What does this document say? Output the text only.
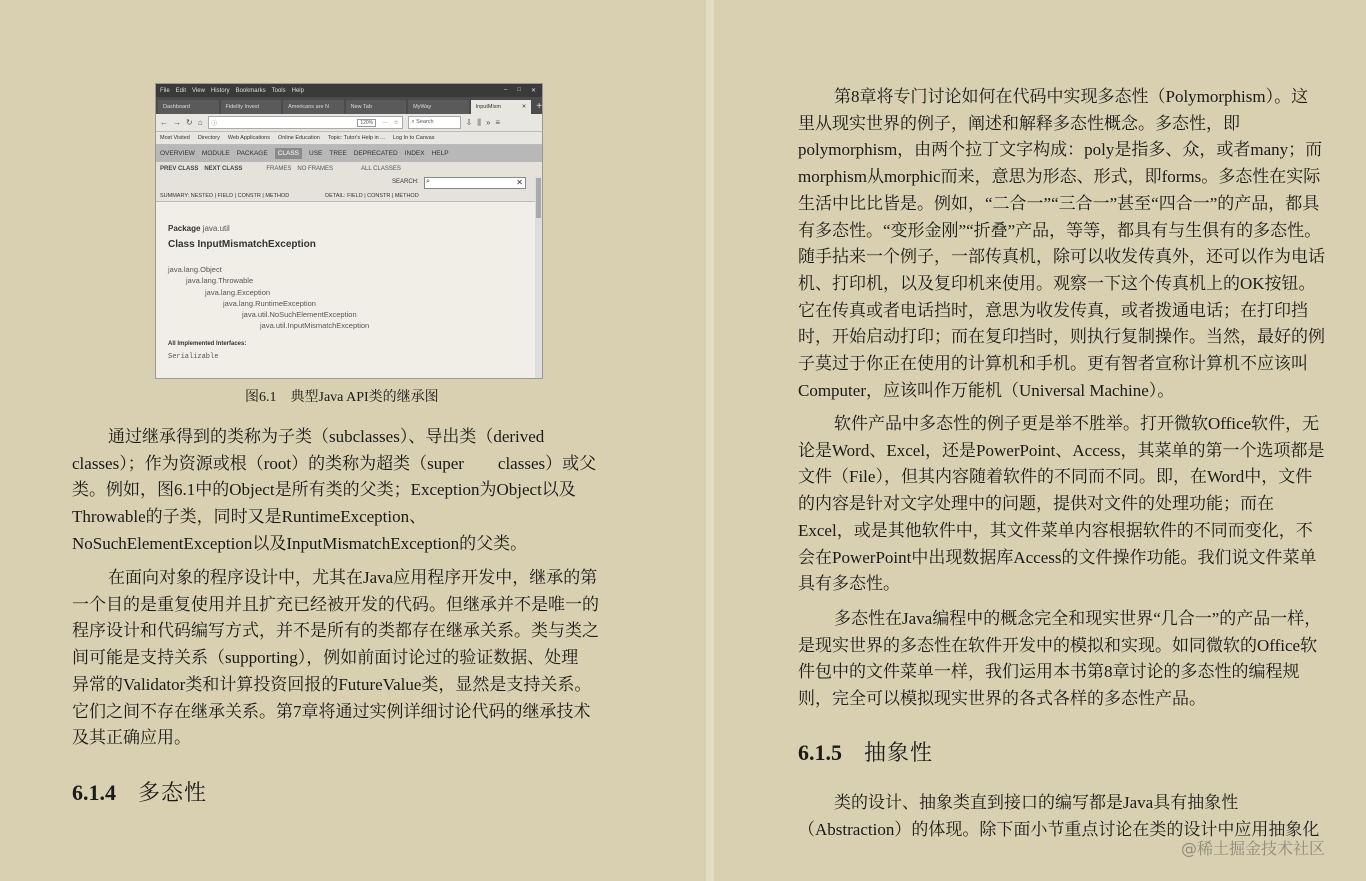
File Edit View History Bookmarks Tools Help	– □ ✕
Dashboard	Fidelity Invest	Americans are N	New Tab	MyWay	✕
InputMism	+
← → ↻ ⌂ ⓘ	120%	··· ☆	⌕ Search	⇩ ⫼ » ≡
Most Visited Directory Web Applications Online Education Topic: Tutor's Help in ... Log In to Canvas
OVERVIEW MODULE PACKAGE	CLASS	USE TREE DEPRECATED INDEX HELP
PREV CLASS NEXT CLASS	FRAMES NO FRAMES	ALL CLASSES
SEARCH: ⌕	✕
SUMMARY: NESTED | FIELD | CONSTR | METHOD	DETAIL: FIELD | CONSTR | METHOD
Package java.util
Class InputMismatchException
java.lang.Object
java.lang.Throwable
java.lang.Exception
java.lang.RuntimeException
java.util.NoSuchElementException
java.util.InputMismatchException
All Implemented Interfaces:
Serializable
图6.1　典型Java API类的继承图

通过继承得到的类称为子类（subclasses）、导出类（derived
classes）；作为资源或根（root）的类称为超类（super　　classes）或父
类。例如，图6.1中的Object是所有类的父类；Exception为Object以及
Throwable的子类，同时又是RuntimeException、
NoSuchElementException以及InputMismatchException的父类。

在面向对象的程序设计中，尤其在Java应用程序开发中，继承的第
一个目的是重复使用并且扩充已经被开发的代码。但继承并不是唯一的
程序设计和代码编写方式，并不是所有的类都存在继承关系。类与类之
间可能是支持关系（supporting），例如前面讨论过的验证数据、处理
异常的Validator类和计算投资回报的FutureValue类，显然是支持关系。
它们之间不存在继承关系。第7章将通过实例详细讨论代码的继承技术
及其正确应用。

6.1.4 多态性

第8章将专门讨论如何在代码中实现多态性（Polymorphism）。这
里从现实世界的例子，阐述和解释多态性概念。多态性，即
polymorphism，由两个拉丁文字构成：poly是指多、众，或者many；而
morphism从morphic而来，意思为形态、形式，即forms。多态性在实际
生活中比比皆是。例如，“二合一”“三合一”甚至“四合一”的产品，都具
有多态性。“变形金刚”“折叠”产品，等等，都具有与生俱有的多态性。
随手拈来一个例子，一部传真机，除可以收发传真外，还可以作为电话
机、打印机，以及复印机来使用。观察一下这个传真机上的OK按钮。
它在传真或者电话挡时，意思为收发传真，或者拨通电话；在打印挡
时，开始启动打印；而在复印挡时，则执行复制操作。当然，最好的例
子莫过于你正在使用的计算机和手机。更有智者宣称计算机不应该叫
Computer，应该叫作万能机（Universal Machine）。

软件产品中多态性的例子更是举不胜举。打开微软Office软件，无
论是Word、Excel，还是PowerPoint、Access，其菜单的第一个选项都是
文件（File），但其内容随着软件的不同而不同。即，在Word中，文件
的内容是针对文字处理中的问题，提供对文件的处理功能；而在
Excel，或是其他软件中，其文件菜单内容根据软件的不同而变化，不
会在PowerPoint中出现数据库Access的文件操作功能。我们说文件菜单
具有多态性。

多态性在Java编程中的概念完全和现实世界“几合一”的产品一样，
是现实世界的多态性在软件开发中的模拟和实现。如同微软的Office软
件包中的文件菜单一样，我们运用本书第8章讨论的多态性的编程规
则，完全可以模拟现实世界的各式各样的多态性产品。

6.1.5 抽象性

类的设计、抽象类直到接口的编写都是Java具有抽象性
（Abstraction）的体现。除下面小节重点讨论在类的设计中应用抽象化

@稀土掘金技术社区
